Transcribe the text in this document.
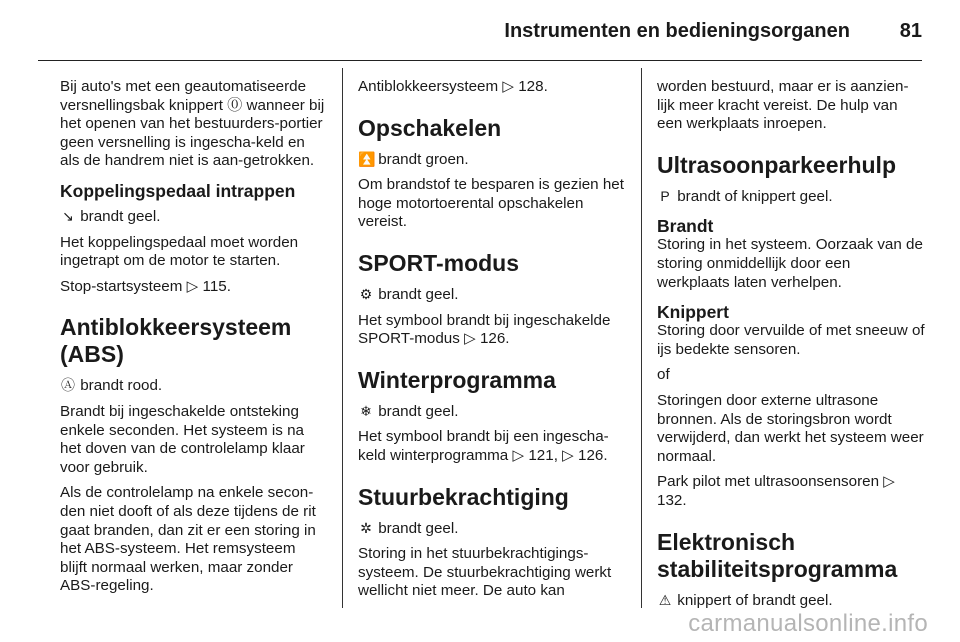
Instrumenten en bedieningsorganen 81

Bij auto's met een geautomatiseerde versnellingsbak knippert ⓪ wanneer bij het openen van het bestuurders-portier geen versnelling is ingescha-keld en als de handrem niet is aan-getrokken.

Koppelingspedaal intrappen

↘ brandt geel.

Het koppelingspedaal moet worden ingetrapt om de motor te starten.

Stop-startsysteem ▷ 115.

Antiblokkeersysteem (ABS)

Ⓐ brandt rood.

Brandt bij ingeschakelde ontsteking enkele seconden. Het systeem is na het doven van de controlelamp klaar voor gebruik.

Als de controlelamp na enkele secon-den niet dooft of als deze tijdens de rit gaat branden, dan zit er een storing in het ABS-systeem. Het remsysteem blijft normaal werken, maar zonder ABS-regeling.

Antiblokkeersysteem ▷ 128.

Opschakelen

⏫ brandt groen.

Om brandstof te besparen is gezien het hoge motortoerental opschakelen vereist.

SPORT-modus

⚙ brandt geel.

Het symbool brandt bij ingeschakelde SPORT-modus ▷ 126.

Winterprogramma

❄ brandt geel.

Het symbool brandt bij een ingescha-keld winterprogramma ▷ 121, ▷ 126.

Stuurbekrachtiging

✲ brandt geel.

Storing in het stuurbekrachtigings-systeem. De stuurbekrachtiging werkt wellicht niet meer. De auto kan

worden bestuurd, maar er is aanzien-lijk meer kracht vereist. De hulp van een werkplaats inroepen.

Ultrasoonparkeerhulp

P brandt of knippert geel.

Brandt

Storing in het systeem. Oorzaak van de storing onmiddellijk door een werkplaats laten verhelpen.

Knippert

Storing door vervuilde of met sneeuw of ijs bedekte sensoren.

of

Storingen door externe ultrasone bronnen. Als de storingsbron wordt verwijderd, dan werkt het systeem weer normaal.

Park pilot met ultrasoonsensoren ▷ 132.

Elektronisch stabiliteitsprogramma

⚠ knippert of brandt geel.

carmanualsonline.info
